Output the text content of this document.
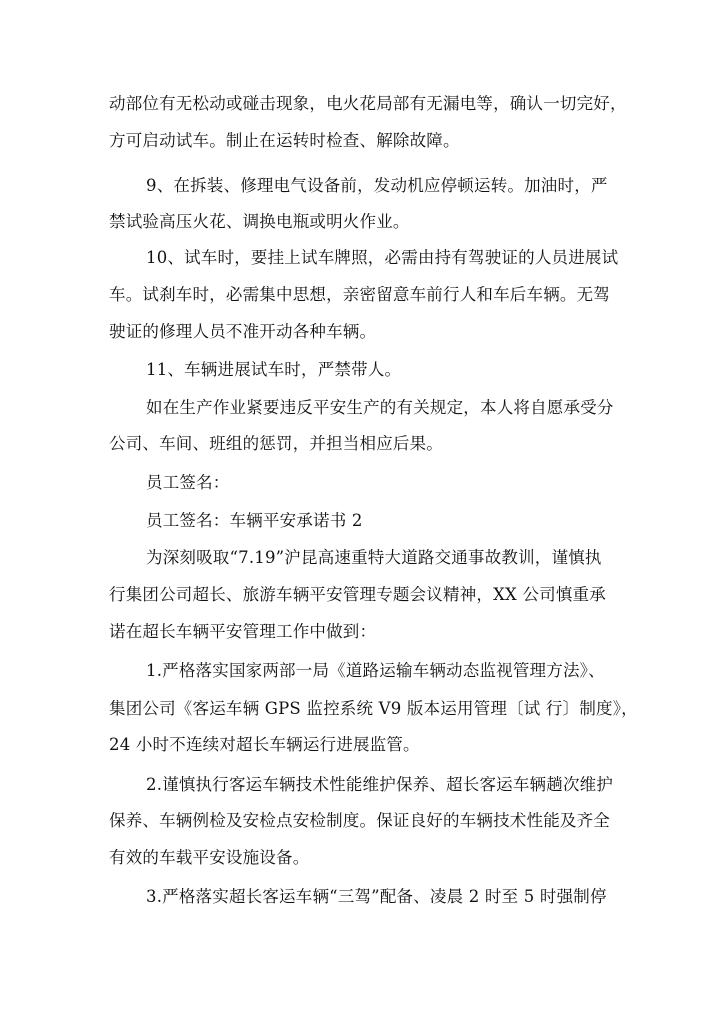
动部位有无松动或碰击现象，电火花局部有无漏电等，确认一切完好，
方可启动试车。制止在运转时检查、解除故障。
9、在拆装、修理电气设备前，发动机应停顿运转。加油时，严
禁试验高压火花、调换电瓶或明火作业。
10、试车时，要挂上试车牌照，必需由持有驾驶证的人员进展试
车。试刹车时，必需集中思想，亲密留意车前行人和车后车辆。无驾
驶证的修理人员不准开动各种车辆。
11、车辆进展试车时，严禁带人。
如在生产作业紧要违反平安生产的有关规定，本人将自愿承受分
公司、车间、班组的惩罚，并担当相应后果。
员工签名：
员工签名：车辆平安承诺书 2
为深刻吸取“7.19”沪昆高速重特大道路交通事故教训，谨慎执
行集团公司超长、旅游车辆平安管理专题会议精神，XX 公司慎重承
诺在超长车辆平安管理工作中做到：
1.严格落实国家两部一局《道路运输车辆动态监视管理方法》、
集团公司《客运车辆 GPS 监控系统 V9 版本运用管理〔试 行〕制度》，
24 小时不连续对超长车辆运行进展监管。
2.谨慎执行客运车辆技术性能维护保养、超长客运车辆趟次维护
保养、车辆例检及安检点安检制度。保证良好的车辆技术性能及齐全
有效的车载平安设施设备。
3.严格落实超长客运车辆“三驾”配备、凌晨 2 时至 5 时强制停
